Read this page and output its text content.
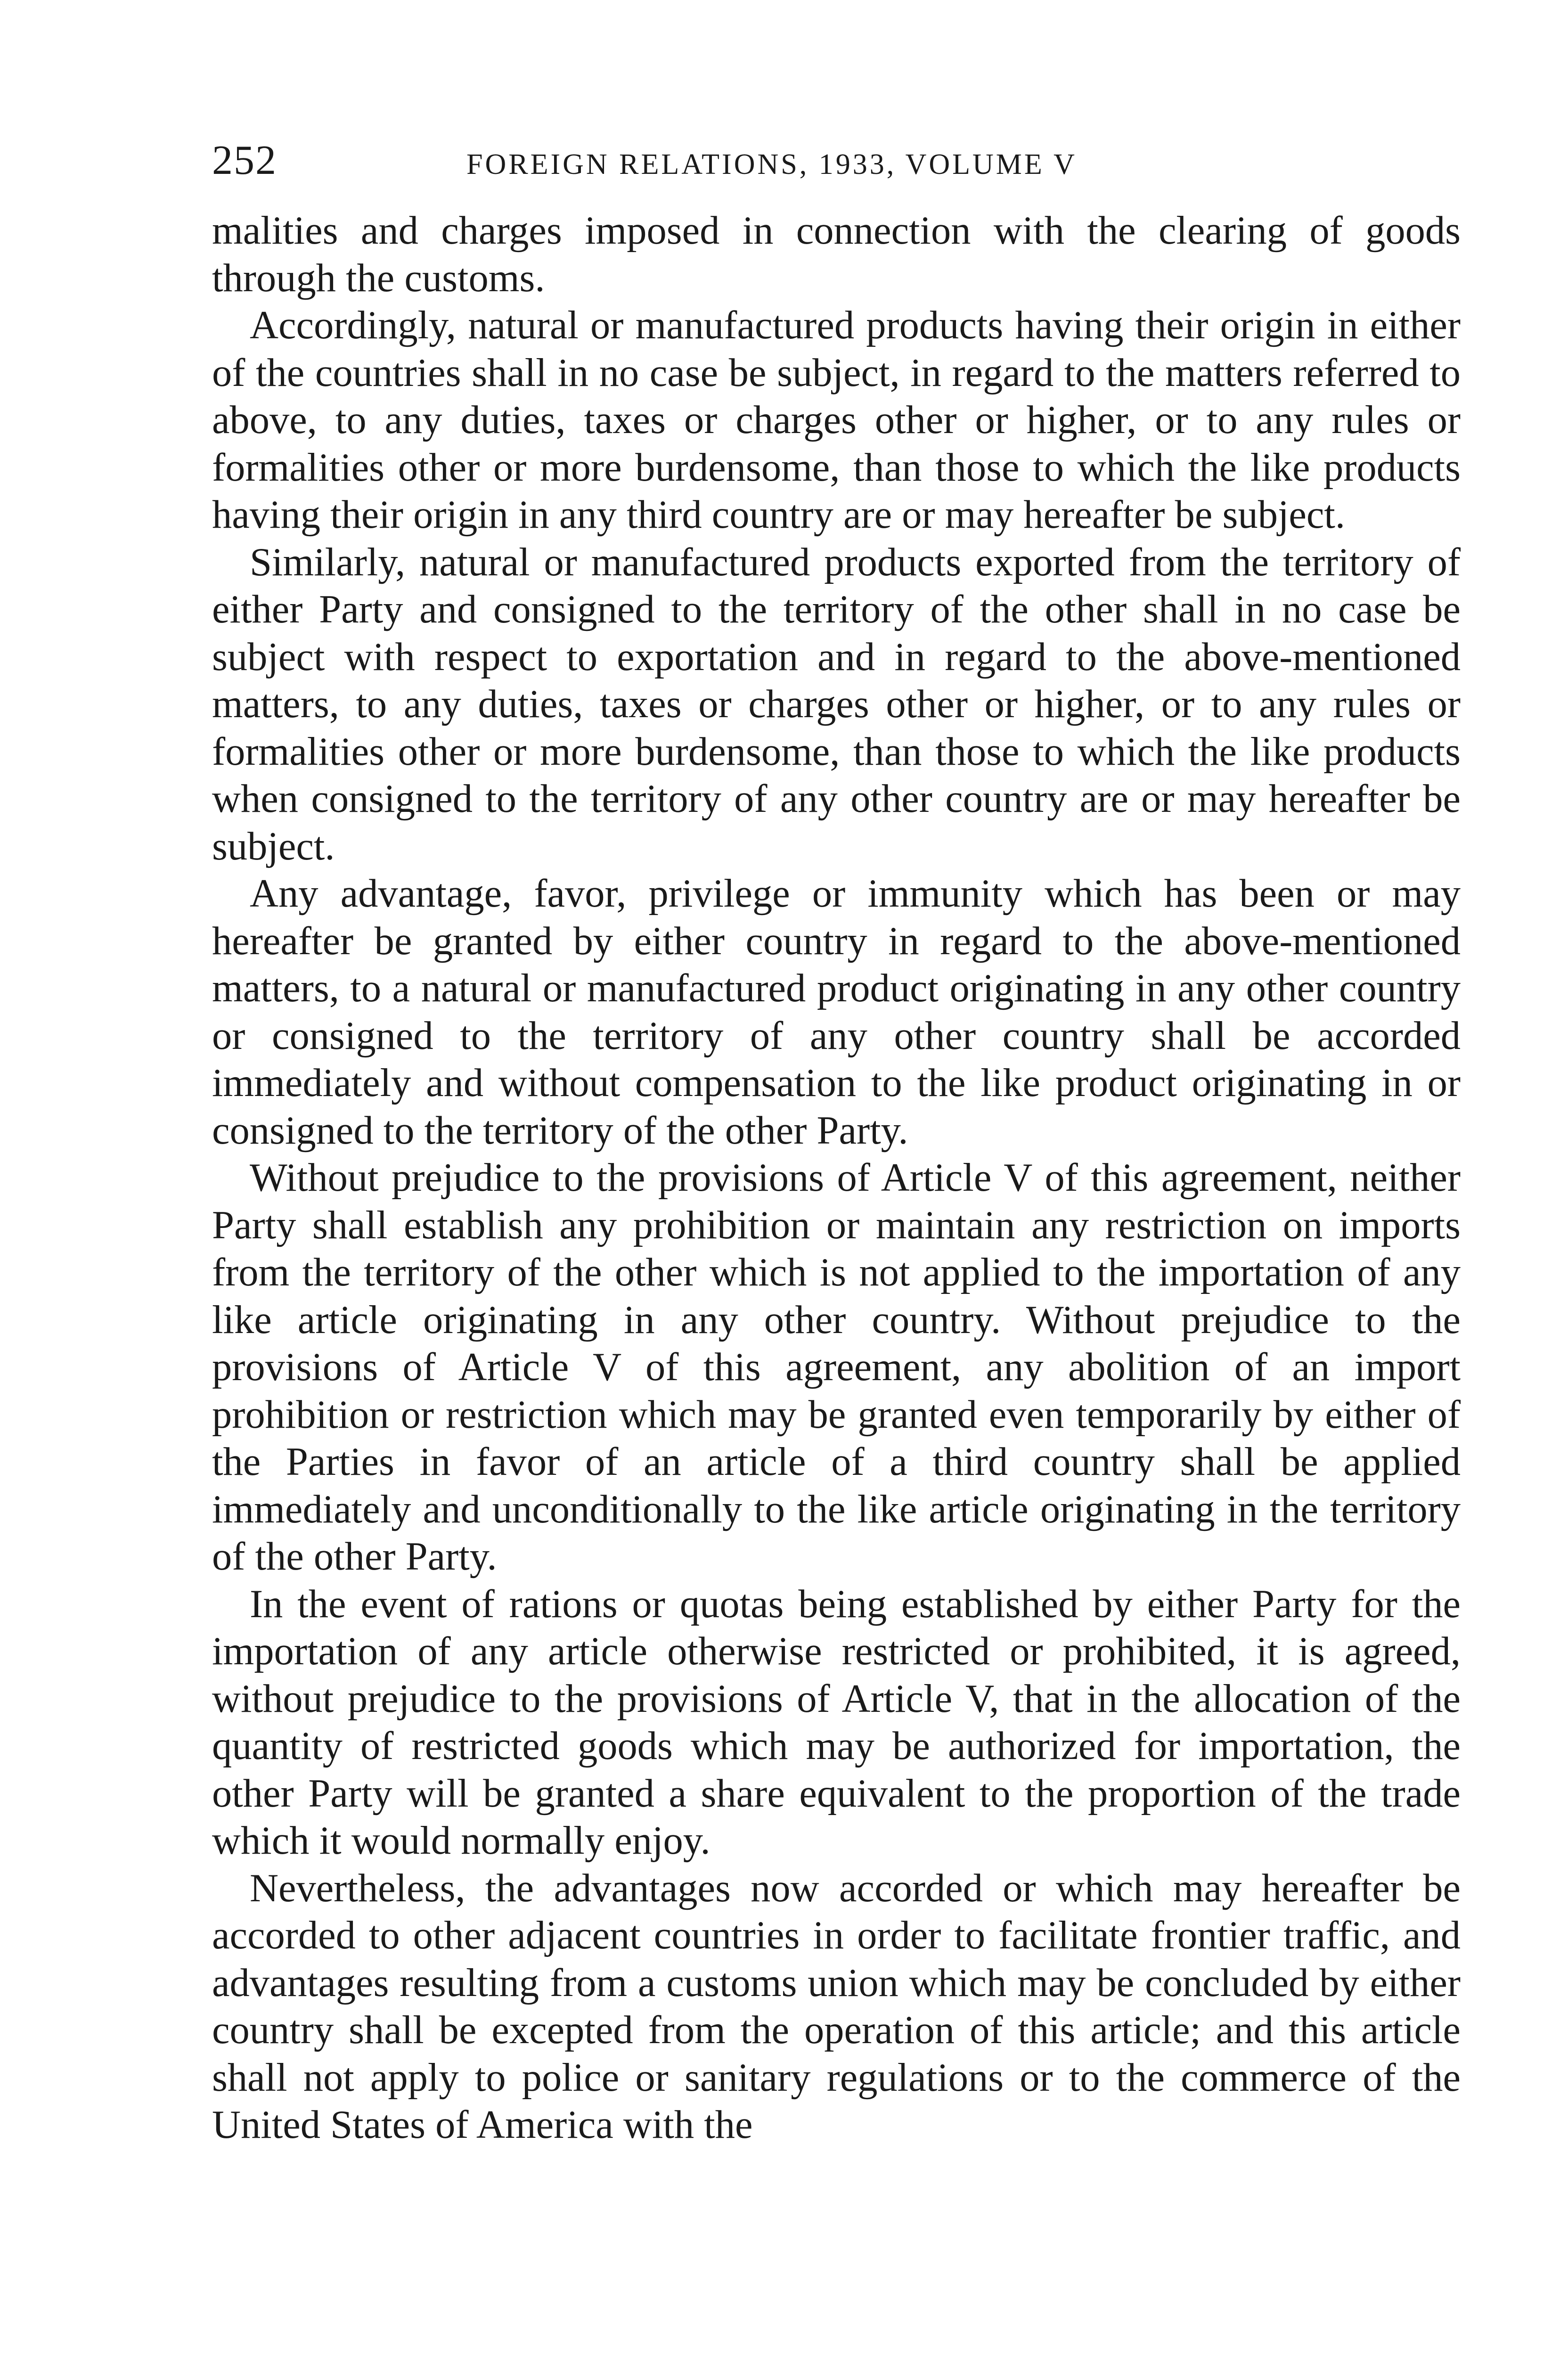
252	FOREIGN RELATIONS, 1933, VOLUME V

malities and charges imposed in connection with the clearing of goods through the customs.

Accordingly, natural or manufactured products having their origin in either of the countries shall in no case be subject, in regard to the matters referred to above, to any duties, taxes or charges other or higher, or to any rules or formalities other or more burdensome, than those to which the like products having their origin in any third country are or may hereafter be subject.

Similarly, natural or manufactured products exported from the territory of either Party and consigned to the territory of the other shall in no case be subject with respect to exportation and in regard to the above-mentioned matters, to any duties, taxes or charges other or higher, or to any rules or formalities other or more burdensome, than those to which the like products when consigned to the territory of any other country are or may hereafter be subject.

Any advantage, favor, privilege or immunity which has been or may hereafter be granted by either country in regard to the above-mentioned matters, to a natural or manufactured product originating in any other country or consigned to the territory of any other country shall be accorded immediately and without compensation to the like product originating in or consigned to the territory of the other Party.

Without prejudice to the provisions of Article V of this agreement, neither Party shall establish any prohibition or maintain any restriction on imports from the territory of the other which is not applied to the importation of any like article originating in any other country. Without prejudice to the provisions of Article V of this agreement, any abolition of an import prohibition or restriction which may be granted even temporarily by either of the Parties in favor of an article of a third country shall be applied immediately and unconditionally to the like article originating in the territory of the other Party.

In the event of rations or quotas being established by either Party for the importation of any article otherwise restricted or prohibited, it is agreed, without prejudice to the provisions of Article V, that in the allocation of the quantity of restricted goods which may be authorized for importation, the other Party will be granted a share equivalent to the proportion of the trade which it would normally enjoy.

Nevertheless, the advantages now accorded or which may hereafter be accorded to other adjacent countries in order to facilitate frontier traffic, and advantages resulting from a customs union which may be concluded by either country shall be excepted from the operation of this article; and this article shall not apply to police or sanitary regulations or to the commerce of the United States of America with the
